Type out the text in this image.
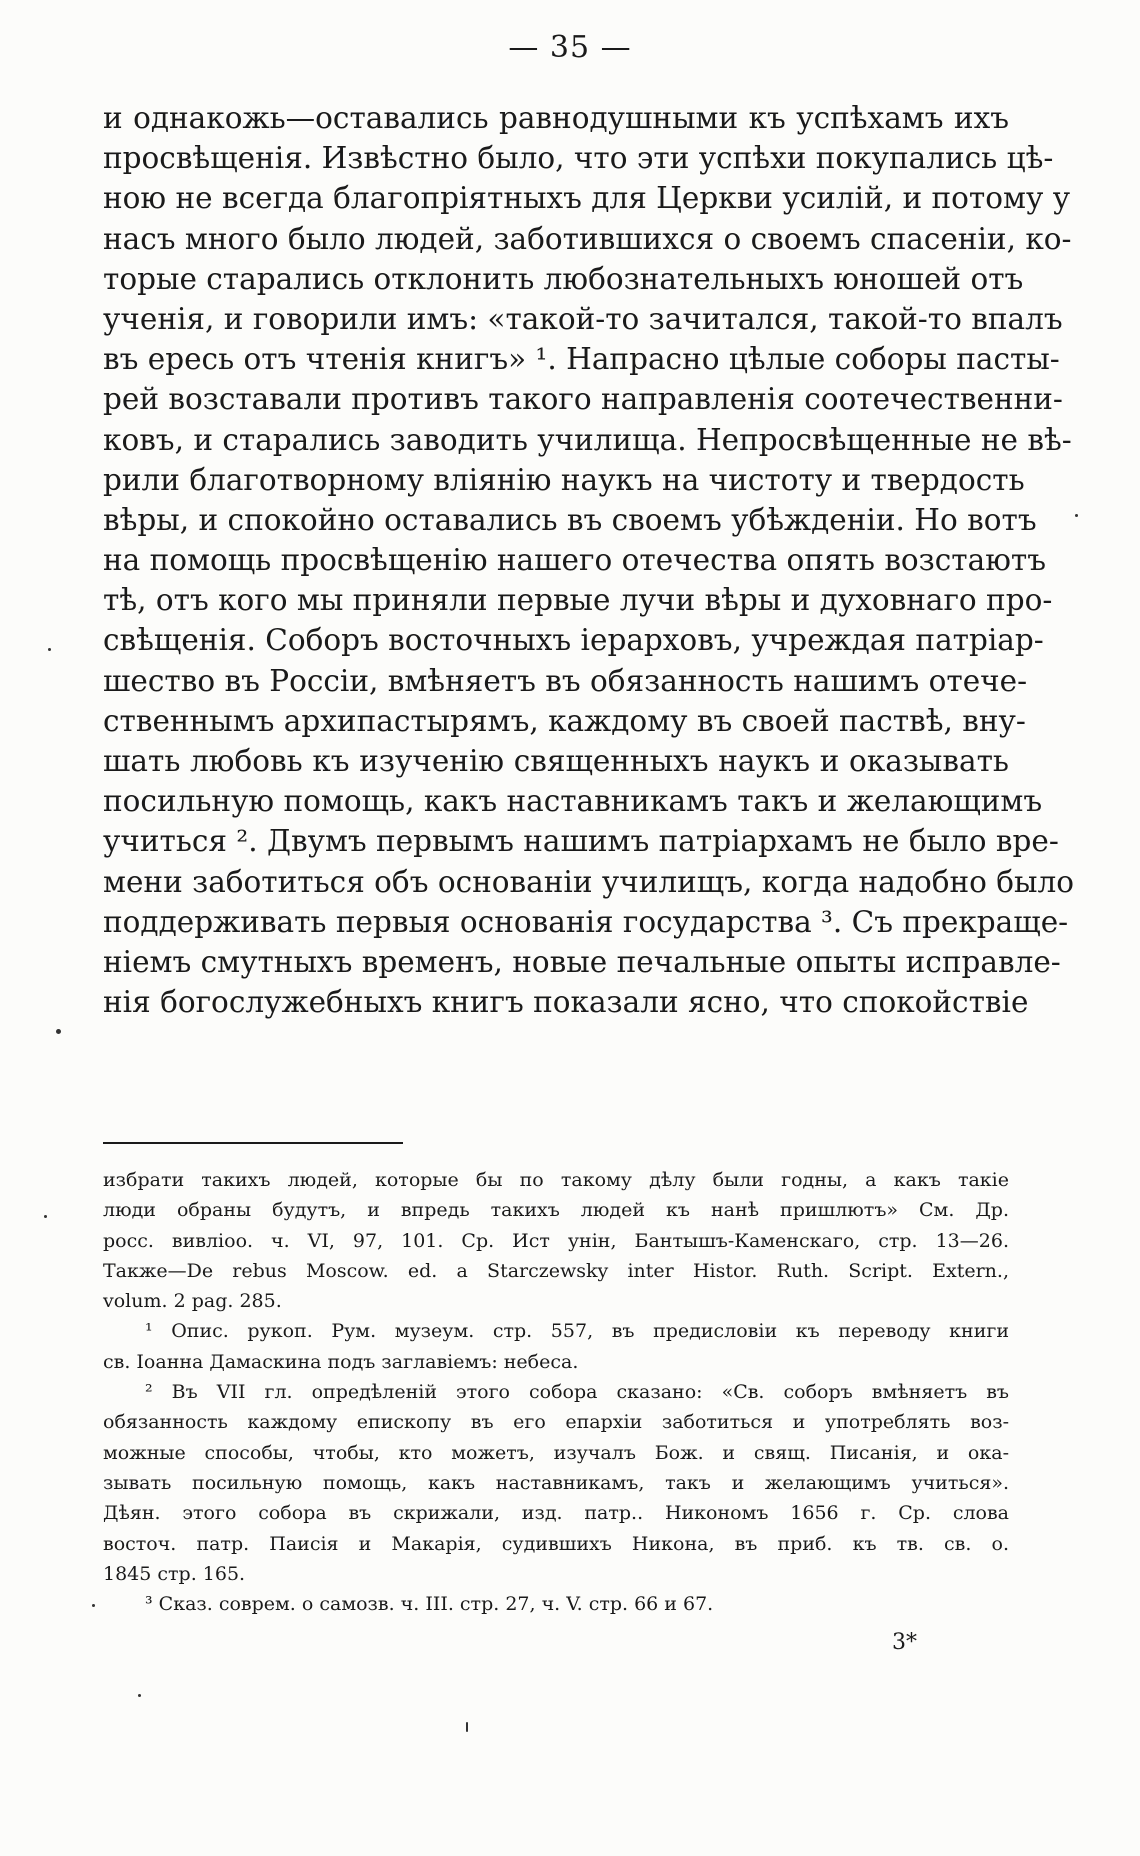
— 35 —
и однакожь—оставались равнодушными къ успѣхамъ ихъ
просвѣщенія. Извѣстно было, что эти успѣхи покупались цѣ-
ною не всегда благопріятныхъ для Церкви усилій, и потому у
насъ много было людей, заботившихся о своемъ спасеніи, ко-
торые старались отклонить любознательныхъ юношей отъ
ученія, и говорили имъ: «такой-то зачитался, такой-то впалъ
въ ересь отъ чтенія книгъ» ¹. Напрасно цѣлые соборы пасты-
рей возставали противъ такого направленія соотечественни-
ковъ, и старались заводить училища. Непросвѣщенные не вѣ-
рили благотворному вліянію наукъ на чистоту и твердость
вѣры, и спокойно оставались въ своемъ убѣжденіи. Но вотъ
на помощь просвѣщенію нашего отечества опять возстаютъ
тѣ, отъ кого мы приняли первые лучи вѣры и духовнаго про-
свѣщенія. Соборъ восточныхъ іерарховъ, учреждая патріар-
шество въ Россіи, вмѣняетъ въ обязанность нашимъ отече-
ственнымъ архипастырямъ, каждому въ своей паствѣ, вну-
шать любовь къ изученію священныхъ наукъ и оказывать
посильную помощь, какъ наставникамъ такъ и желающимъ
учиться ². Двумъ первымъ нашимъ патріархамъ не было вре-
мени заботиться объ основаніи училищъ, когда надобно было
поддерживать первыя основанія государства ³. Съ прекраще-
ніемъ смутныхъ временъ, новые печальные опыты исправле-
нія богослужебныхъ книгъ показали ясно, что спокойствіе
избрати такихъ людей, которые бы по такому дѣлу были годны, а какъ такіе
люди обраны будутъ, и впредь такихъ людей къ нанѣ пришлютъ» См. Др.
росс. вивліоо. ч. VI, 97, 101. Ср. Ист унін, Бантышъ-Каменскаго, стр. 13—26.
Также—De rebus Moscow. ed. a Starczewsky inter Histor. Ruth. Script. Extern.,
volum. 2 pag. 285.
¹ Опис. рукоп. Рум. музеум. стр. 557, въ предисловіи къ переводу книги
св. Іоанна Дамаскина подъ заглавіемъ: небеса.
² Въ VII гл. опредѣленій этого собора сказано: «Св. соборъ вмѣняетъ въ
обязанность каждому епископу въ его епархіи заботиться и употреблять воз-
можные способы, чтобы, кто можетъ, изучалъ Бож. и свящ. Писанія, и ока-
зывать посильную помощь, какъ наставникамъ, такъ и желающимъ учиться».
Дѣян. этого собора въ скрижали, изд. патр.. Никономъ 1656 г. Ср. слова
восточ. патр. Паисія и Макарія, судившихъ Никона, въ приб. къ тв. св. о.
1845 стр. 165.
³ Сказ. соврем. о самозв. ч. III. стр. 27, ч. V. стр. 66 и 67.
3*
